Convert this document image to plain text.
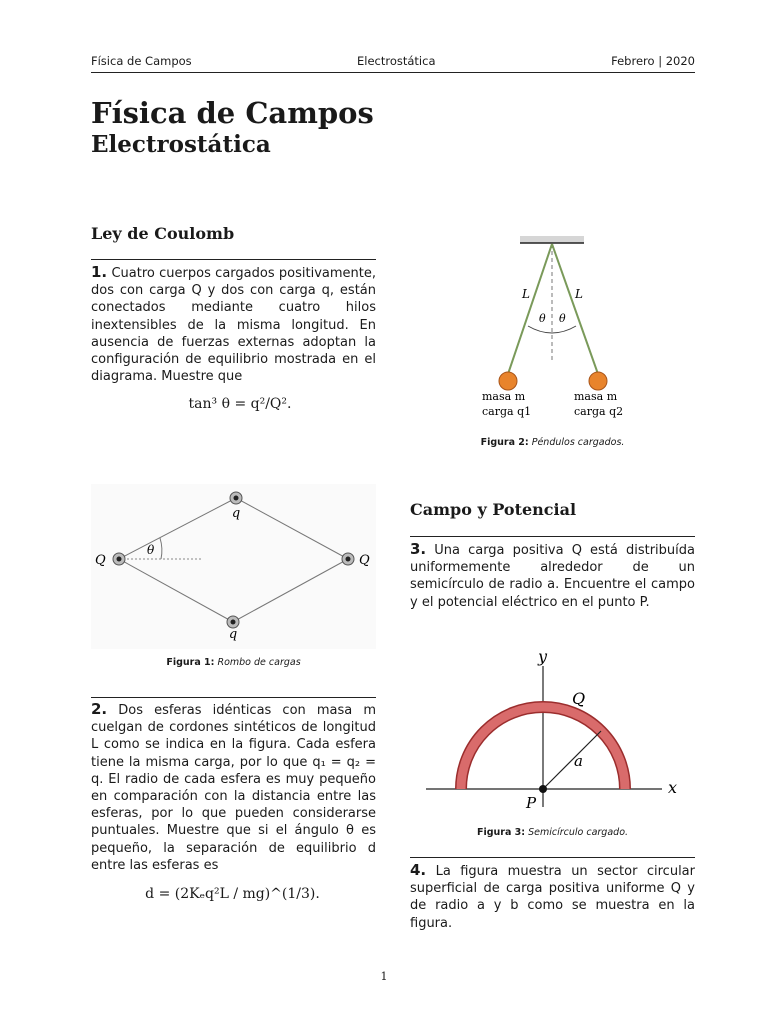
Física de Campos	Electrostática	Febrero | 2020
Física de Campos
Electrostática
Ley de Coulomb
1. Cuatro cuerpos cargados positivamente, dos con carga Q y dos con carga q, están conectados mediante cuatro hilos inextensibles de la misma longitud. En ausencia de fuerzas externas adoptan la configuración de equilibrio mostrada en el diagrama. Muestre que
tan³ θ = q²/Q².
q
q
Q	Q
θ
Figura 1: Rombo de cargas
2. Dos esferas idénticas con masa m cuelgan de cordones sintéticos de longitud L como se indica en la figura. Cada esfera tiene la misma carga, por lo que q₁ = q₂ = q. El radio de cada esfera es muy pequeño en comparación con la distancia entre las esferas, por lo que pueden considerarse puntuales. Muestre que si el ángulo θ es pequeño, la separación de equilibrio d entre las esferas es
d = (2Kₑq²L / mg)^(1/3).
L	L
θ θ
masa m
carga q1
masa m
carga q2
Figura 2: Péndulos cargados.
Campo y Potencial
3. Una carga positiva Q está distribuída uniformemente alrededor de un semicírculo de radio a. Encuentre el campo y el potencial eléctrico en el punto P.
y
x
Q
a
P
Figura 3: Semicírculo cargado.
4. La figura muestra un sector circular superficial de carga positiva uniforme Q y de radio a y b como se muestra en la figura.
1
